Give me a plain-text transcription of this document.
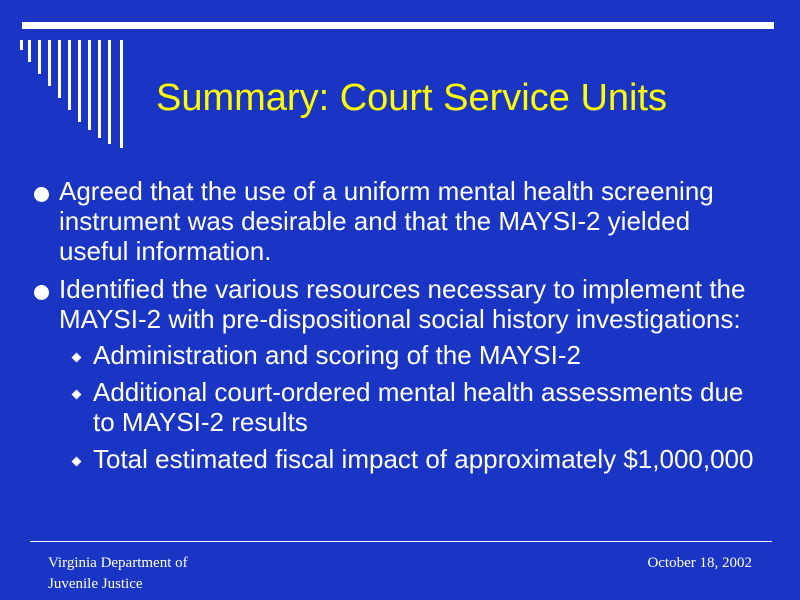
Summary: Court Service Units
Agreed that the use of a uniform mental health screening instrument was desirable and that the MAYSI-2 yielded useful information.
Identified the various resources necessary to implement the MAYSI-2 with pre-dispositional social history investigations:
Administration and scoring of the MAYSI-2
Additional court-ordered mental health assessments due to MAYSI-2 results
Total estimated fiscal impact of approximately $1,000,000
Virginia Department of
Juvenile Justice
October 18, 2002
